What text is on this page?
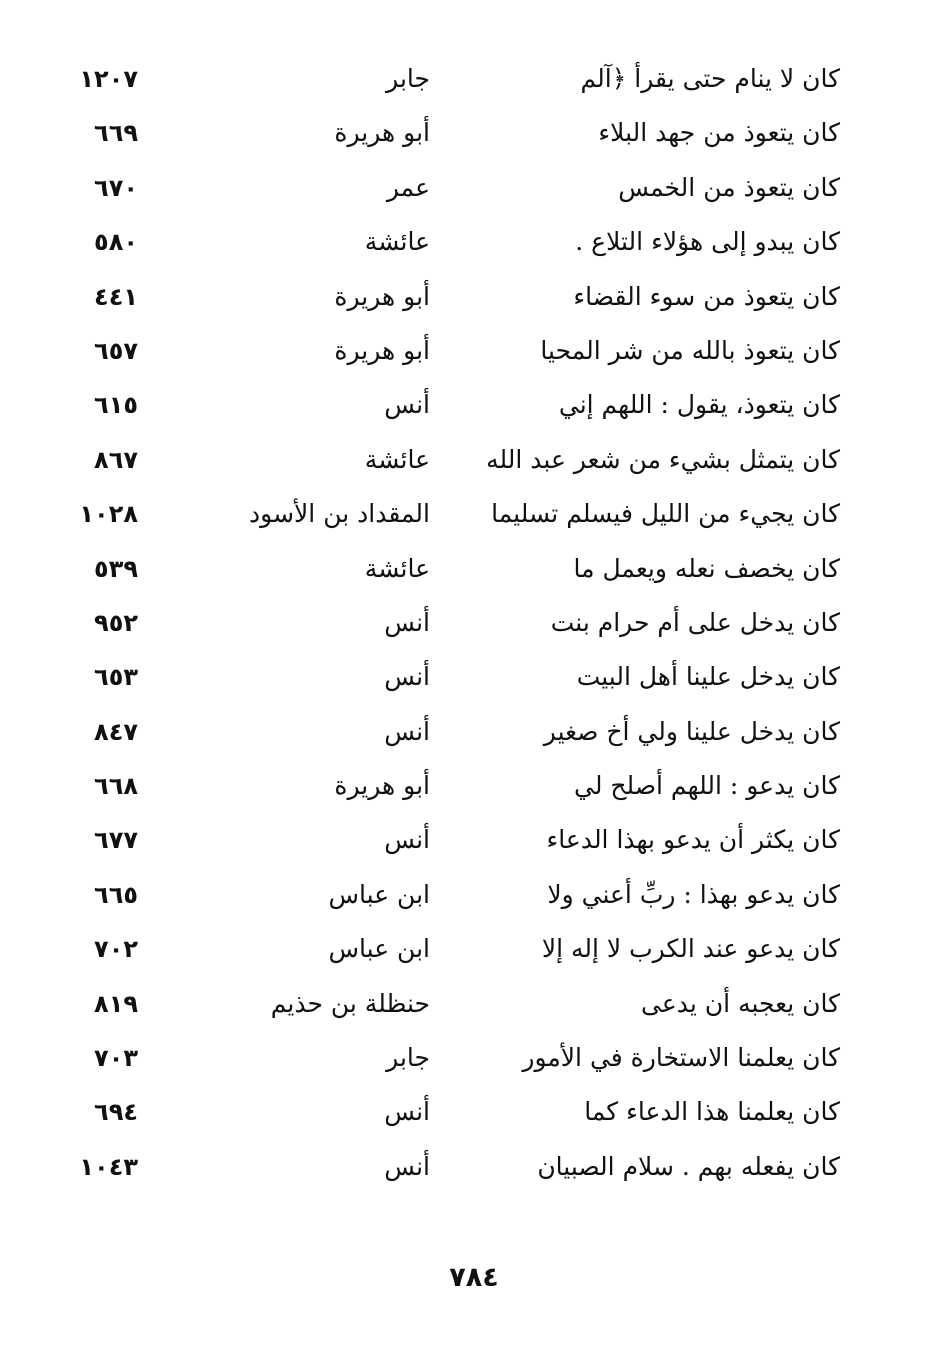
كان لا ينام حتى يقرأ ﴿آلم
جابر
١٢٠٧
كان يتعوذ من جهد البلاء
أبو هريرة
٦٦٩
كان يتعوذ من الخمس
عمر
٦٧٠
كان يبدو إلى هؤلاء التلاع .
عائشة
٥٨٠
كان يتعوذ من سوء القضاء
أبو هريرة
٤٤١
كان يتعوذ بالله من شر المحيا
أبو هريرة
٦٥٧
كان يتعوذ، يقول : اللهم إني
أنس
٦١٥
كان يتمثل بشيء من شعر عبد الله
عائشة
٨٦٧
كان يجيء من الليل فيسلم تسليما
المقداد بن الأسود
١٠٢٨
كان يخصف نعله ويعمل ما
عائشة
٥٣٩
كان يدخل على أم حرام بنت
أنس
٩٥٢
كان يدخل علينا أهل البيت
أنس
٦٥٣
كان يدخل علينا ولي أخ صغير
أنس
٨٤٧
كان يدعو : اللهم أصلح لي
أبو هريرة
٦٦٨
كان يكثر أن يدعو بهذا الدعاء
أنس
٦٧٧
كان يدعو بهذا : ربِّ أعني ولا
ابن عباس
٦٦٥
كان يدعو عند الكرب لا إله إلا
ابن عباس
٧٠٢
كان يعجبه أن يدعى
حنظلة بن حذيم
٨١٩
كان يعلمنا الاستخارة في الأمور
جابر
٧٠٣
كان يعلمنا هذا الدعاء كما
أنس
٦٩٤
كان يفعله بهم . سلام الصبيان
أنس
١٠٤٣
٧٨٤
